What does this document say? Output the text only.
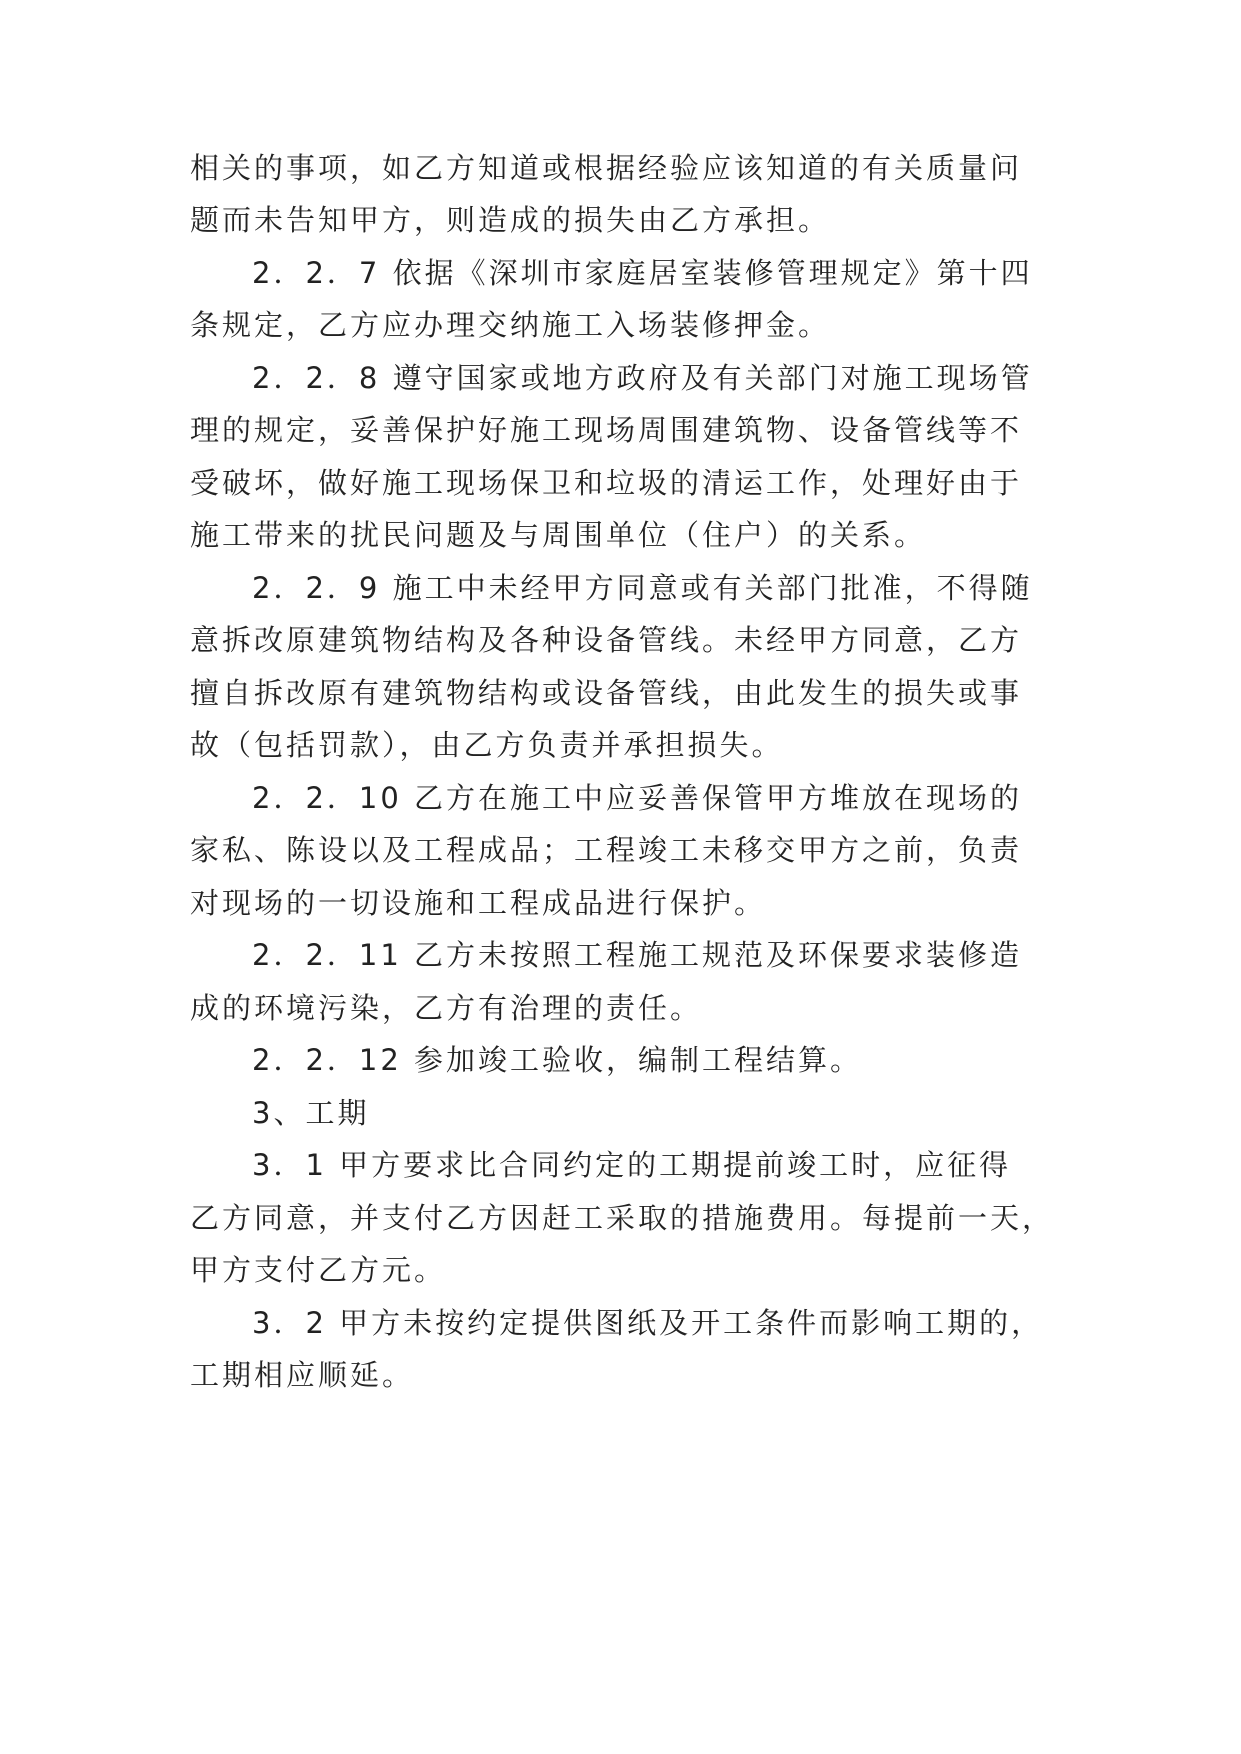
相关的事项，如乙方知道或根据经验应该知道的有关质量问

题而未告知甲方，则造成的损失由乙方承担。

2．2．7 依据《深圳市家庭居室装修管理规定》第十四

条规定，乙方应办理交纳施工入场装修押金。

2．2．8 遵守国家或地方政府及有关部门对施工现场管

理的规定，妥善保护好施工现场周围建筑物、设备管线等不

受破坏，做好施工现场保卫和垃圾的清运工作，处理好由于

施工带来的扰民问题及与周围单位（住户）的关系。

2．2．9 施工中未经甲方同意或有关部门批准，不得随

意拆改原建筑物结构及各种设备管线。未经甲方同意，乙方

擅自拆改原有建筑物结构或设备管线，由此发生的损失或事

故（包括罚款），由乙方负责并承担损失。

2．2．10 乙方在施工中应妥善保管甲方堆放在现场的

家私、陈设以及工程成品；工程竣工未移交甲方之前，负责

对现场的一切设施和工程成品进行保护。

2．2．11 乙方未按照工程施工规范及环保要求装修造

成的环境污染，乙方有治理的责任。

2．2．12 参加竣工验收，编制工程结算。

3、工期

3．1 甲方要求比合同约定的工期提前竣工时，应征得

乙方同意，并支付乙方因赶工采取的措施费用。每提前一天，

甲方支付乙方元。

3．2 甲方未按约定提供图纸及开工条件而影响工期的，

工期相应顺延。
